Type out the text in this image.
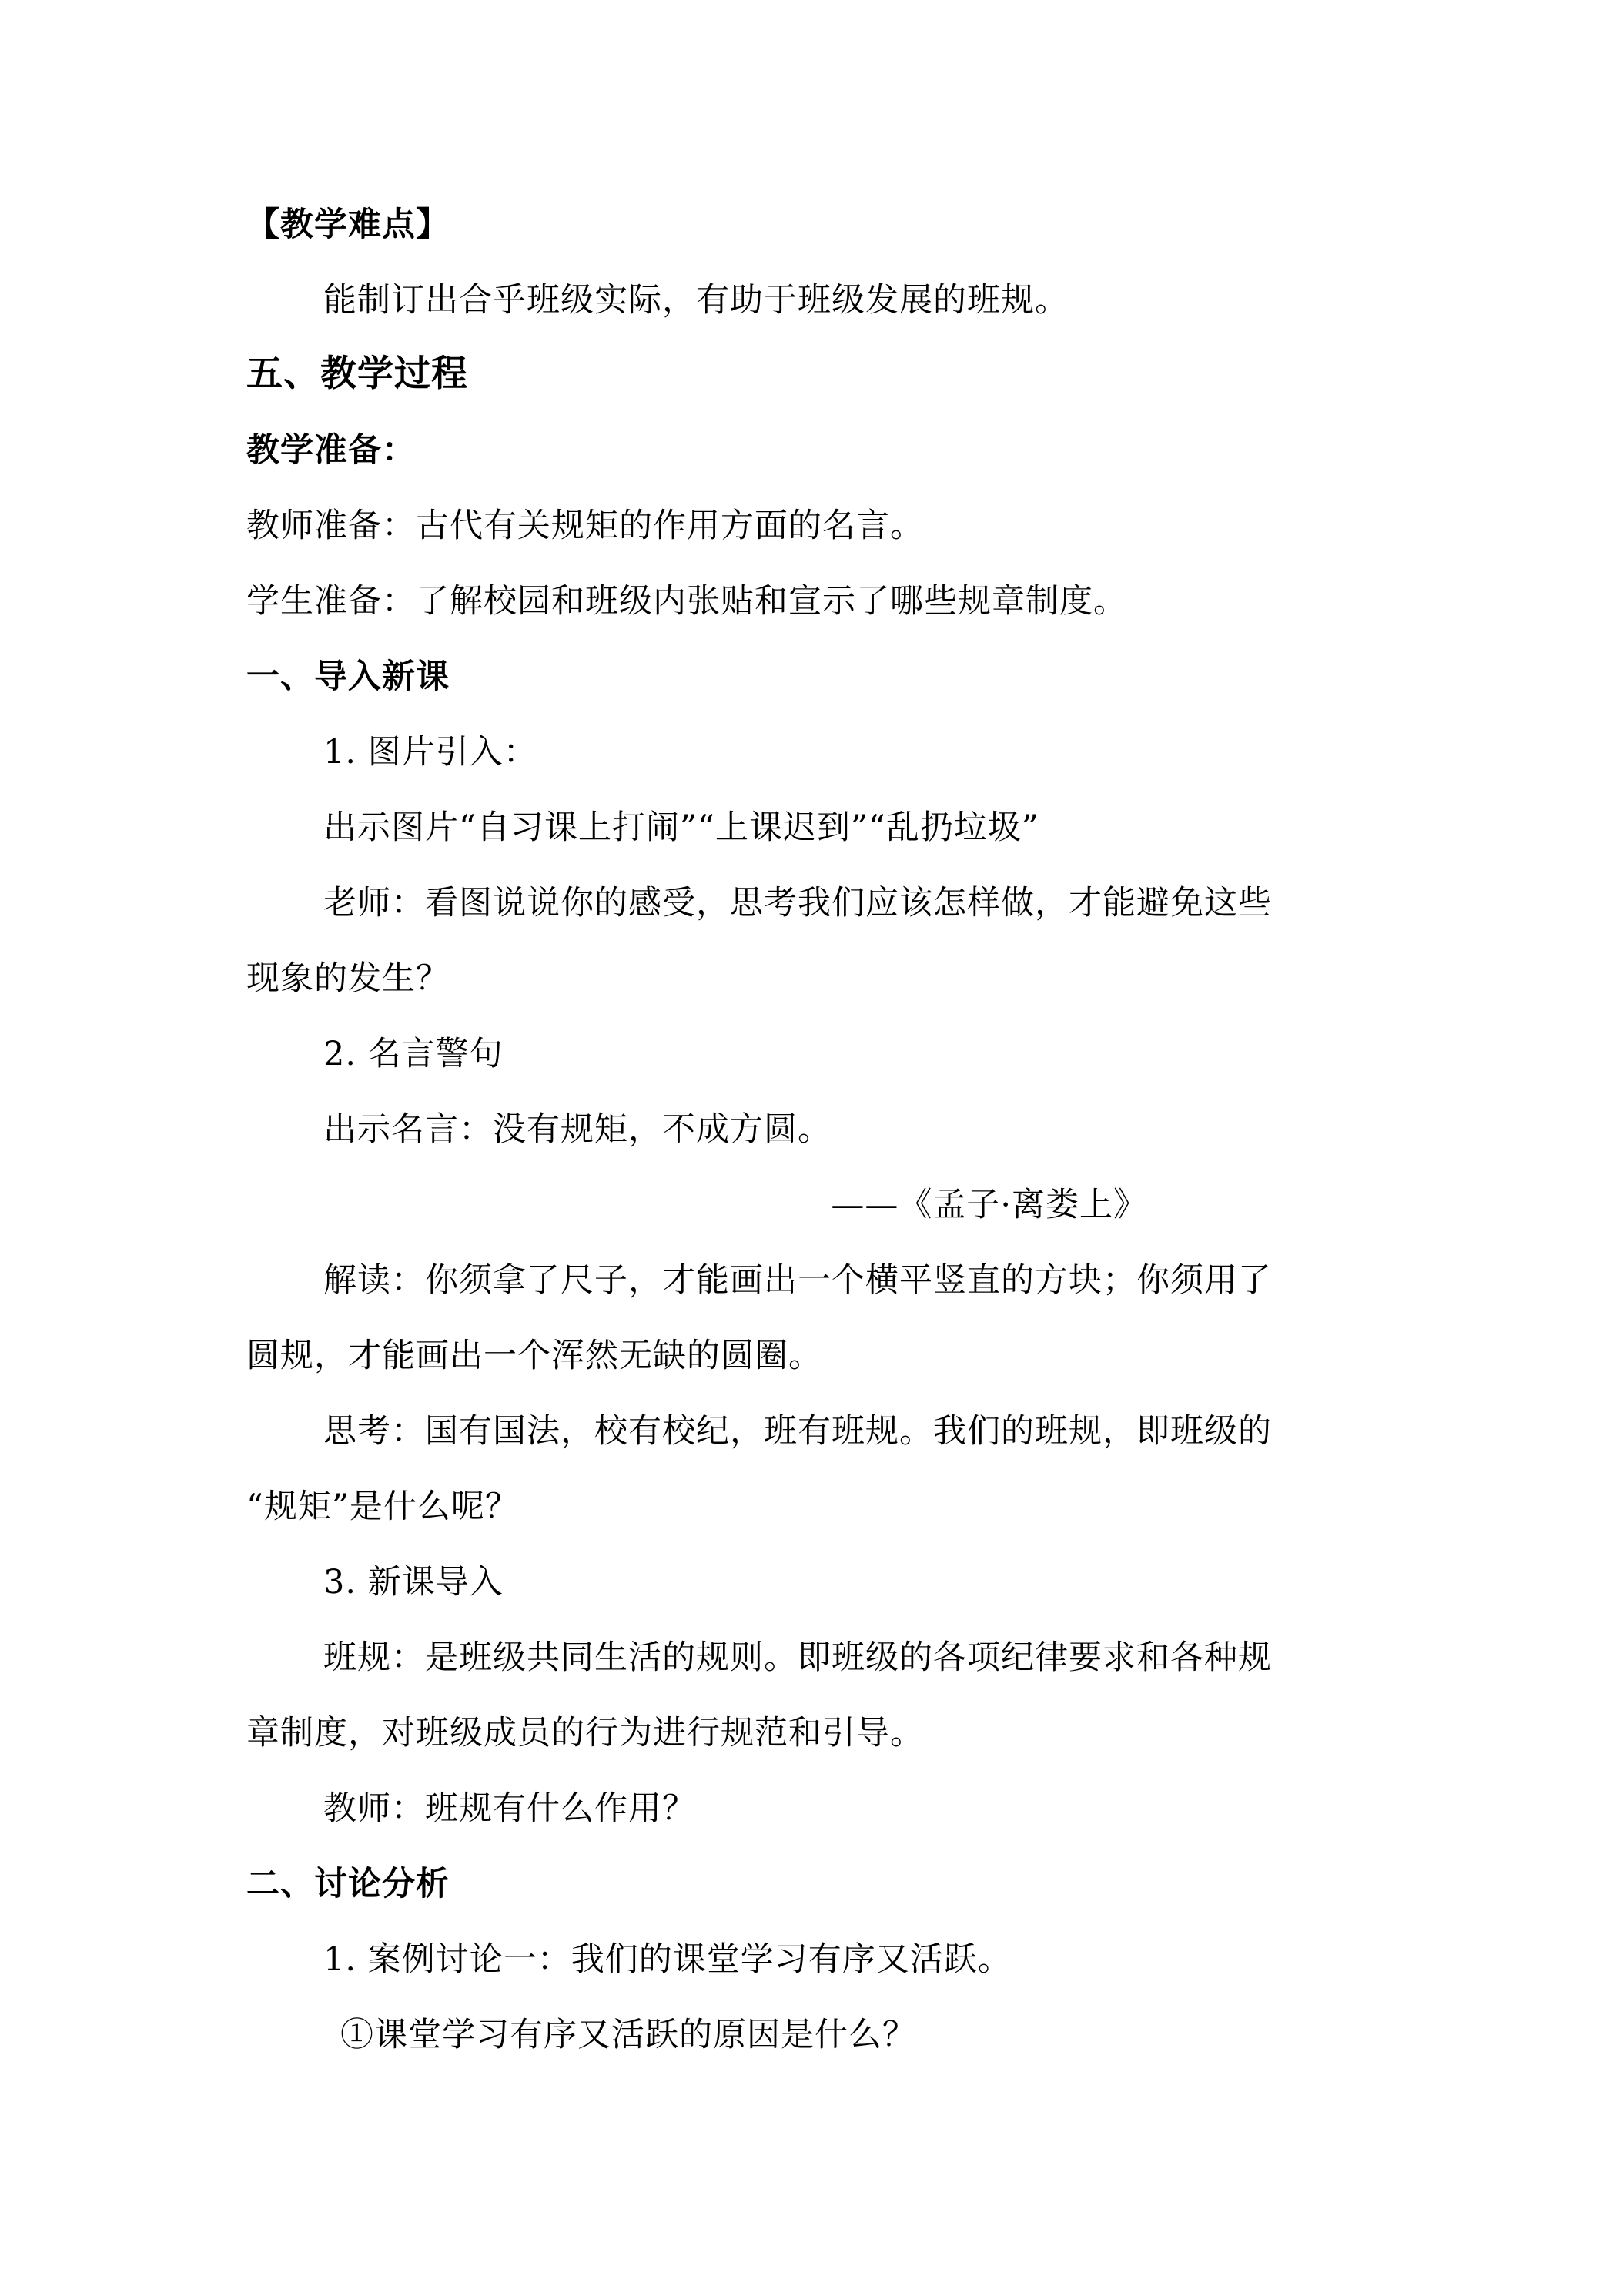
【教学难点】
能制订出合乎班级实际，有助于班级发展的班规。
五、教学过程
教学准备：
教师准备：古代有关规矩的作用方面的名言。
学生准备：了解校园和班级内张贴和宣示了哪些规章制度。
一、导入新课
1. 图片引入：
出示图片“自习课上打闹”“上课迟到”“乱扔垃圾”
老师：看图说说你的感受，思考我们应该怎样做，才能避免这些
现象的发生？
2. 名言警句
出示名言：没有规矩，不成方圆。
——《孟子·离娄上》
解读：你须拿了尺子，才能画出一个横平竖直的方块；你须用了
圆规，才能画出一个浑然无缺的圆圈。
思考：国有国法，校有校纪，班有班规。我们的班规，即班级的
“规矩”是什么呢？
3. 新课导入
班规：是班级共同生活的规则。即班级的各项纪律要求和各种规
章制度，对班级成员的行为进行规范和引导。
教师：班规有什么作用？
二、讨论分析
1. 案例讨论一：我们的课堂学习有序又活跃。
①课堂学习有序又活跃的原因是什么？
